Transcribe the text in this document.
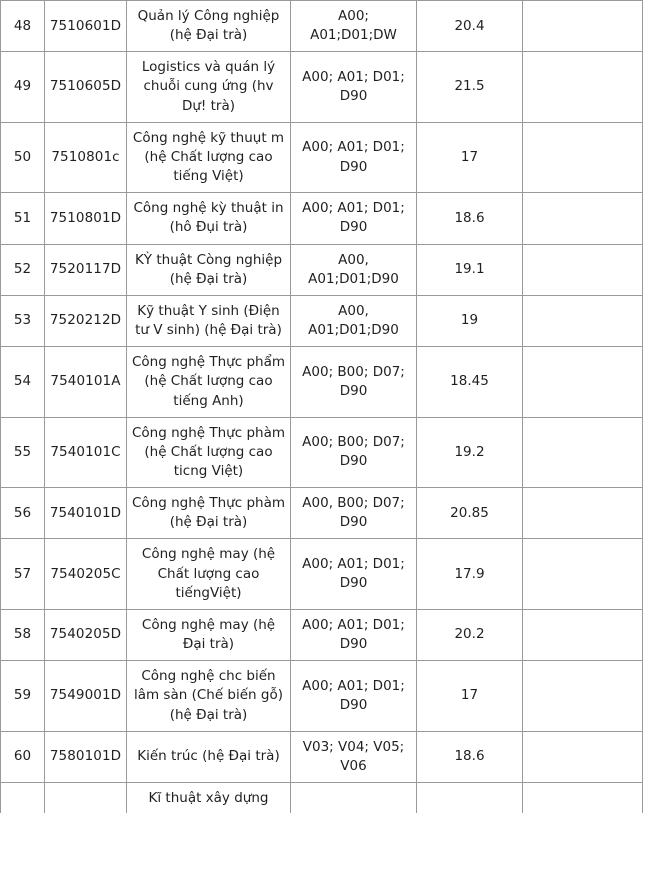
48	7510601D	Quản lý Công nghiệp (hệ Đại trà)	A00; A01;D01;DW	20.4	
49	7510605D	Logistics và quán lý chuỗi cung ứng (hv Dự! trà)	A00; A01; D01; D90	21.5	
50	7510801c	Công nghệ kỹ thuụt m (hệ Chất lượng cao tiếng Việt)	A00; A01; D01; D90	17	
51	7510801D	Công nghệ kỳ thuật in (hô Đụi trà)	A00; A01; D01; D90	18.6	
52	7520117D	KỲ thuật Còng nghiệp (hệ Đại trà)	A00, A01;D01;D90	19.1	
53	7520212D	Kỹ thuật Y sinh (Điện tư V sinh) (hệ Đại trà)	A00, A01;D01;D90	19	
54	7540101A	Công nghệ Thực phẩm (hệ Chất lượng cao tiếng Anh)	A00; B00; D07; D90	18.45	
55	7540101C	Công nghệ Thực phàm (hệ Chất lượng cao ticng Việt)	A00; B00; D07; D90	19.2	
56	7540101D	Công nghệ Thực phàm (hệ Đại trà)	A00, B00; D07; D90	20.85	
57	7540205C	Công nghệ may (hệ Chất lượng cao tiếngViệt)	A00; A01; D01; D90	17.9	
58	7540205D	Công nghệ may (hệ Đại trà)	A00; A01; D01; D90	20.2	
59	7549001D	Công nghệ chc biến lâm sàn (Chế biến gỗ) (hệ Đại trà)	A00; A01; D01; D90	17	
60	7580101D	Kiến trúc (hệ Đại trà)	V03; V04; V05; V06	18.6	

		Kĩ thuật xây dựng			
